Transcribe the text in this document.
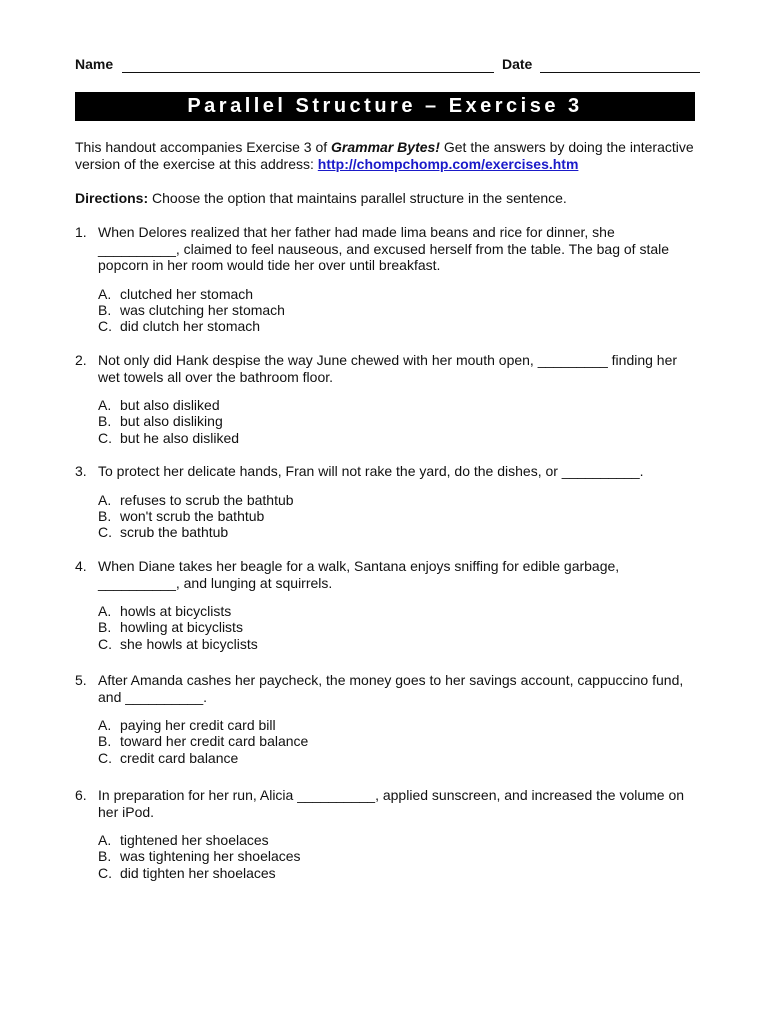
Name	Date
Parallel Structure – Exercise 3
This handout accompanies Exercise 3 of Grammar Bytes! Get the answers by doing the interactive version of the exercise at this address: http://chompchomp.com/exercises.htm
Directions: Choose the option that maintains parallel structure in the sentence.
1. When Delores realized that her father had made lima beans and rice for dinner, she __________, claimed to feel nauseous, and excused herself from the table. The bag of stale popcorn in her room would tide her over until breakfast.
A. clutched her stomach
B. was clutching her stomach
C. did clutch her stomach
2. Not only did Hank despise the way June chewed with her mouth open, _________ finding her wet towels all over the bathroom floor.
A. but also disliked
B. but also disliking
C. but he also disliked
3. To protect her delicate hands, Fran will not rake the yard, do the dishes, or __________.
A. refuses to scrub the bathtub
B. won't scrub the bathtub
C. scrub the bathtub
4. When Diane takes her beagle for a walk, Santana enjoys sniffing for edible garbage, __________, and lunging at squirrels.
A. howls at bicyclists
B. howling at bicyclists
C. she howls at bicyclists
5. After Amanda cashes her paycheck, the money goes to her savings account, cappuccino fund, and __________.
A. paying her credit card bill
B. toward her credit card balance
C. credit card balance
6. In preparation for her run, Alicia __________, applied sunscreen, and increased the volume on her iPod.
A. tightened her shoelaces
B. was tightening her shoelaces
C. did tighten her shoelaces
